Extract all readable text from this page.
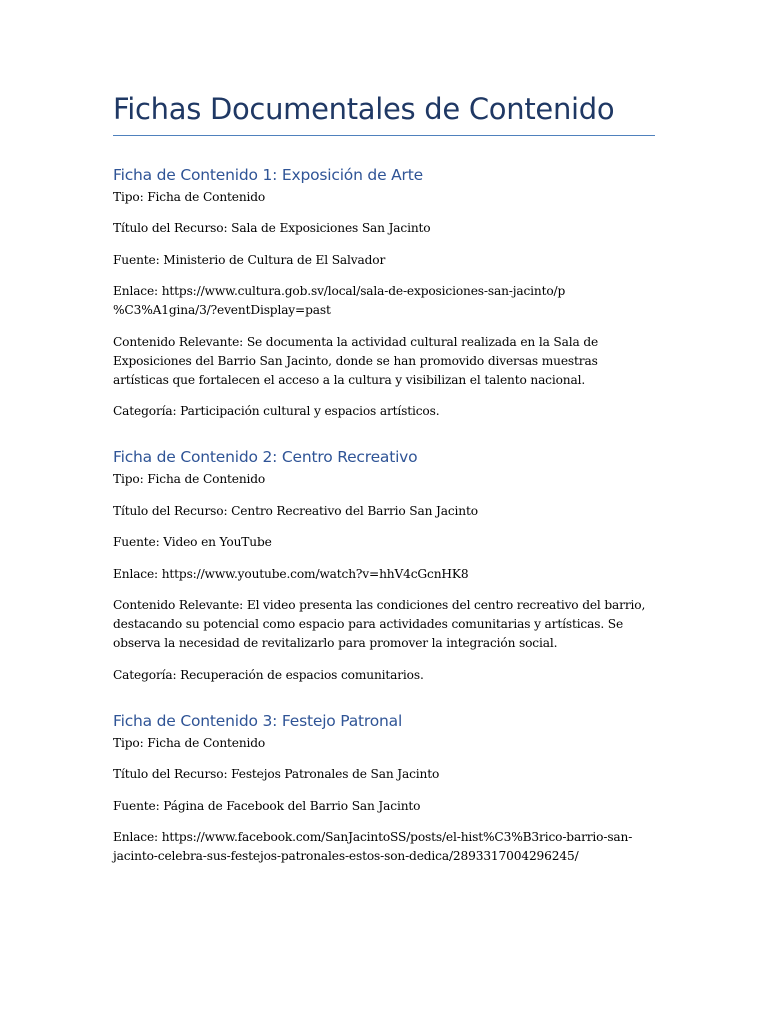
Fichas Documentales de Contenido
Ficha de Contenido 1: Exposición de Arte

Tipo: Ficha de Contenido

Título del Recurso: Sala de Exposiciones San Jacinto

Fuente: Ministerio de Cultura de El Salvador

Enlace: https://www.cultura.gob.sv/local/sala-de-exposiciones-san-jacinto/p
%C3%A1gina/3/?eventDisplay=past

Contenido Relevante: Se documenta la actividad cultural realizada en la Sala de Exposiciones del Barrio San Jacinto, donde se han promovido diversas muestras artísticas que fortalecen el acceso a la cultura y visibilizan el talento nacional.

Categoría: Participación cultural y espacios artísticos.

Ficha de Contenido 2: Centro Recreativo

Tipo: Ficha de Contenido

Título del Recurso: Centro Recreativo del Barrio San Jacinto

Fuente: Video en YouTube

Enlace: https://www.youtube.com/watch?v=hhV4cGcnHK8

Contenido Relevante: El video presenta las condiciones del centro recreativo del barrio, destacando su potencial como espacio para actividades comunitarias y artísticas. Se observa la necesidad de revitalizarlo para promover la integración social.

Categoría: Recuperación de espacios comunitarios.

Ficha de Contenido 3: Festejo Patronal

Tipo: Ficha de Contenido

Título del Recurso: Festejos Patronales de San Jacinto

Fuente: Página de Facebook del Barrio San Jacinto

Enlace: https://www.facebook.com/SanJacintoSS/posts/el-hist%C3%B3rico-barrio-san-
jacinto-celebra-sus-festejos-patronales-estos-son-dedica/2893317004296245/
